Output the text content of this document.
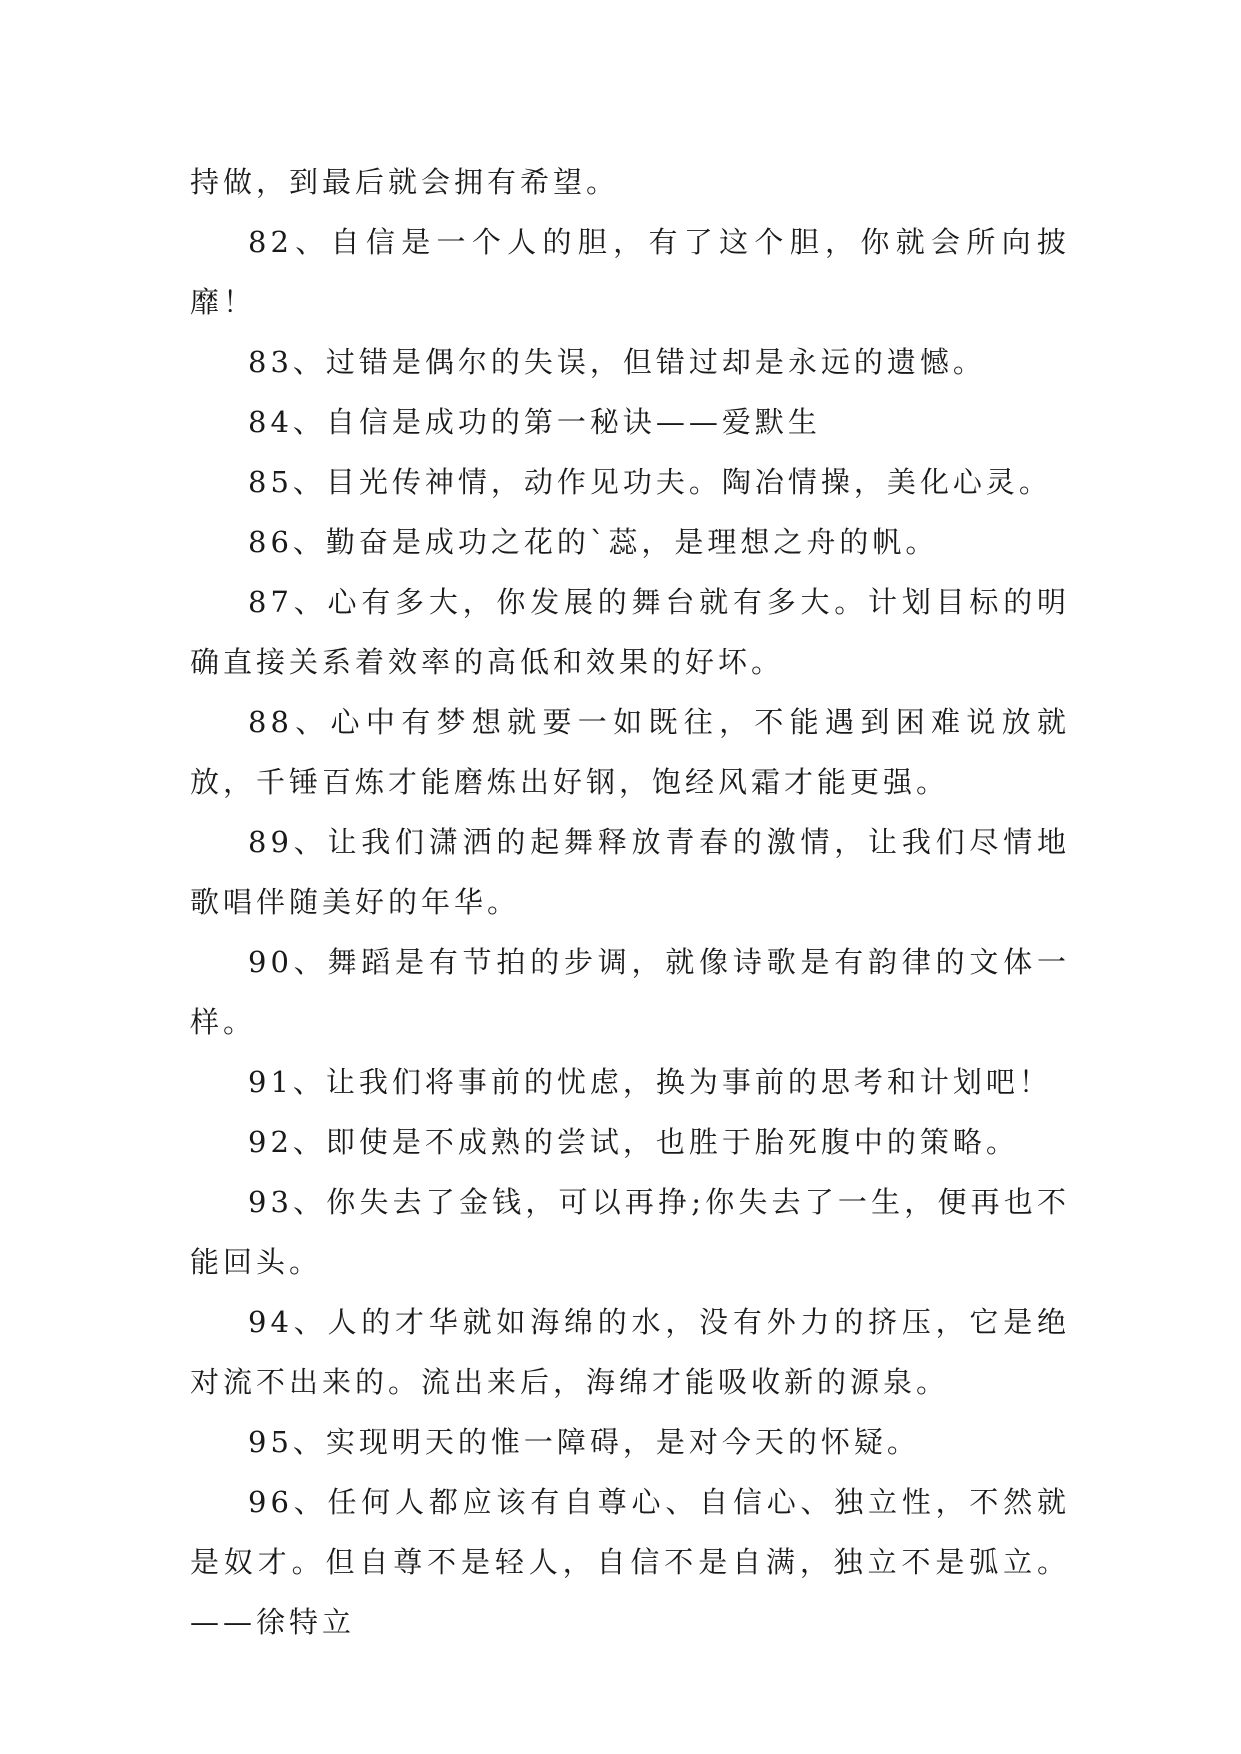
持做，到最后就会拥有希望。

82、自信是一个人的胆，有了这个胆，你就会所向披靡！

83、过错是偶尔的失误，但错过却是永远的遗憾。

84、自信是成功的第一秘诀——爱默生

85、目光传神情，动作见功夫。陶冶情操，美化心灵。

86、勤奋是成功之花的`蕊，是理想之舟的帆。

87、心有多大，你发展的舞台就有多大。计划目标的明确直接关系着效率的高低和效果的好坏。

88、心中有梦想就要一如既往，不能遇到困难说放就放，千锤百炼才能磨炼出好钢，饱经风霜才能更强。

89、让我们潇洒的起舞释放青春的激情，让我们尽情地歌唱伴随美好的年华。

90、舞蹈是有节拍的步调，就像诗歌是有韵律的文体一样。

91、让我们将事前的忧虑，换为事前的思考和计划吧！

92、即使是不成熟的尝试，也胜于胎死腹中的策略。

93、你失去了金钱，可以再挣;你失去了一生，便再也不能回头。

94、人的才华就如海绵的水，没有外力的挤压，它是绝对流不出来的。流出来后，海绵才能吸收新的源泉。

95、实现明天的惟一障碍，是对今天的怀疑。

96、任何人都应该有自尊心、自信心、独立性，不然就是奴才。但自尊不是轻人，自信不是自满，独立不是弧立。——徐特立
